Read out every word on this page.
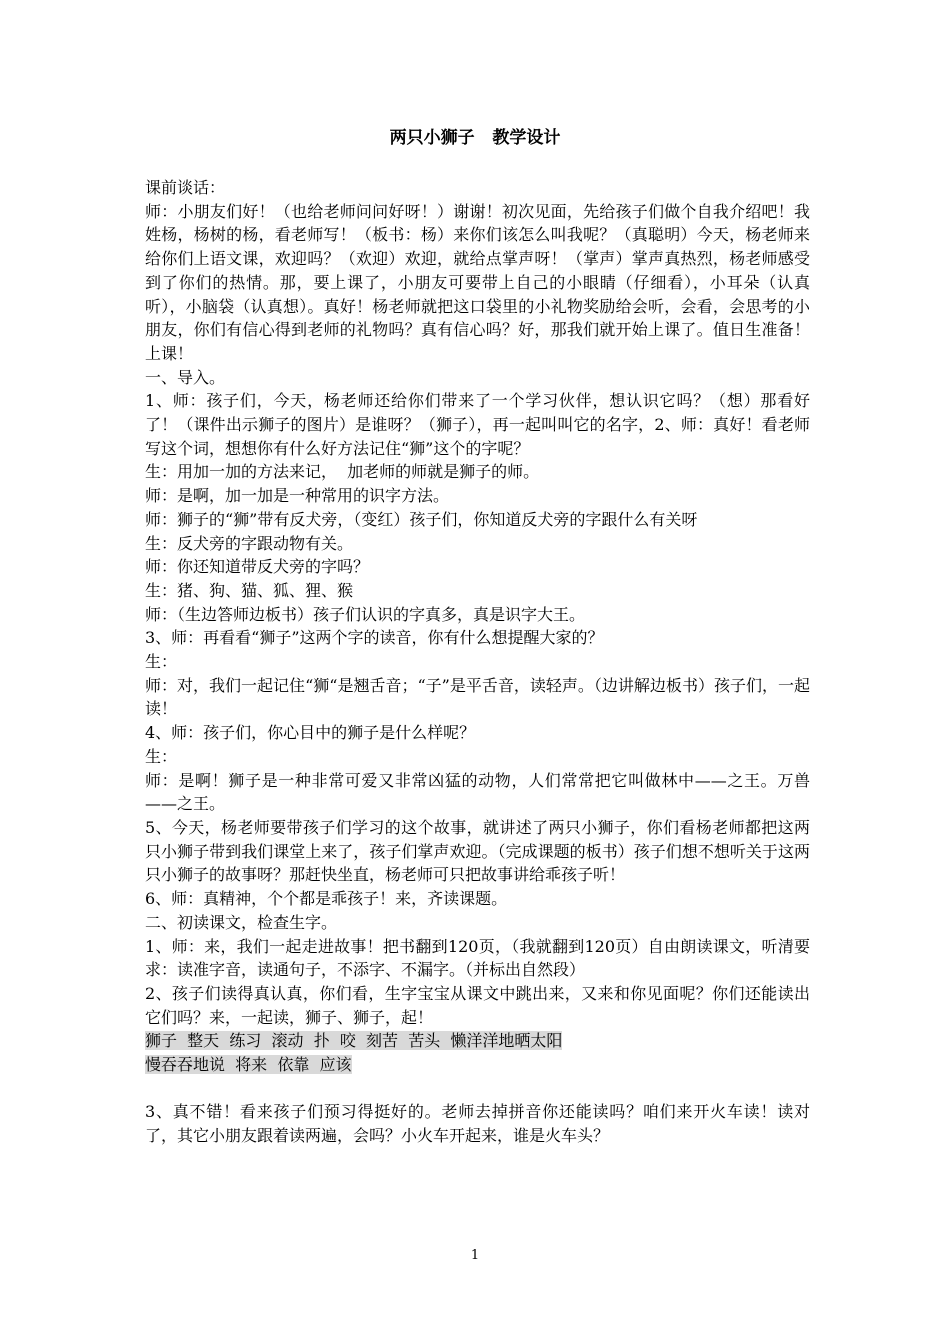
两只小狮子   教学设计

课前谈话：

师：小朋友们好！（也给老师问问好呀！）谢谢！初次见面，先给孩子们做个自我介绍吧！我姓杨，杨树的杨，看老师写！（板书：杨）来你们该怎么叫我呢？（真聪明）今天，杨老师来给你们上语文课，欢迎吗？（欢迎）欢迎，就给点掌声呀！（掌声）掌声真热烈，杨老师感受到了你们的热情。那，要上课了，小朋友可要带上自己的小眼睛（仔细看），小耳朵（认真听），小脑袋（认真想）。真好！杨老师就把这口袋里的小礼物奖励给会听，会看，会思考的小朋友，你们有信心得到老师的礼物吗？真有信心吗？好，那我们就开始上课了。值日生准备！上课！

一、导入。

1、师：孩子们，今天，杨老师还给你们带来了一个学习伙伴，想认识它吗？（想）那看好了！（课件出示狮子的图片）是谁呀？（狮子），再一起叫叫它的名字，2、师：真好！看老师写这个词，想想你有什么好方法记住“狮”这个的字呢？

生：用加一加的方法来记，  加老师的师就是狮子的师。

师：是啊，加一加是一种常用的识字方法。

师：狮子的“狮”带有反犬旁，（变红）孩子们，你知道反犬旁的字跟什么有关呀

生：反犬旁的字跟动物有关。

师：你还知道带反犬旁的字吗？

生：猪、狗、猫、狐、狸、猴

师：（生边答师边板书）孩子们认识的字真多，真是识字大王。

3、师：再看看“狮子”这两个字的读音，你有什么想提醒大家的？

生：

师：对，我们一起记住“狮“是翘舌音；“子”是平舌音，读轻声。（边讲解边板书）孩子们，一起读！

4、师：孩子们，你心目中的狮子是什么样呢？

生：

师：是啊！狮子是一种非常可爱又非常凶猛的动物，人们常常把它叫做林中——之王。万兽——之王。

5、今天，杨老师要带孩子们学习的这个故事，就讲述了两只小狮子，你们看杨老师都把这两只小狮子带到我们课堂上来了，孩子们掌声欢迎。（完成课题的板书）孩子们想不想听关于这两只小狮子的故事呀？那赶快坐直，杨老师可只把故事讲给乖孩子听！

6、师：真精神，个个都是乖孩子！来，齐读课题。

二、初读课文，检查生字。

1、师：来，我们一起走进故事！把书翻到120页，（我就翻到120页）自由朗读课文，听清要求：读准字音，读通句子，不添字、不漏字。（并标出自然段）

2、孩子们读得真认真，你们看，生字宝宝从课文中跳出来，又来和你见面呢？你们还能读出它们吗？来，一起读，狮子、狮子，起！

狮子  整天  练习  滚动  扑  咬  刻苦  苦头  懒洋洋地晒太阳

慢吞吞地说  将来  依靠  应该

3、真不错！看来孩子们预习得挺好的。老师去掉拼音你还能读吗？咱们来开火车读！读对了，其它小朋友跟着读两遍，会吗？小火车开起来，谁是火车头？

1
